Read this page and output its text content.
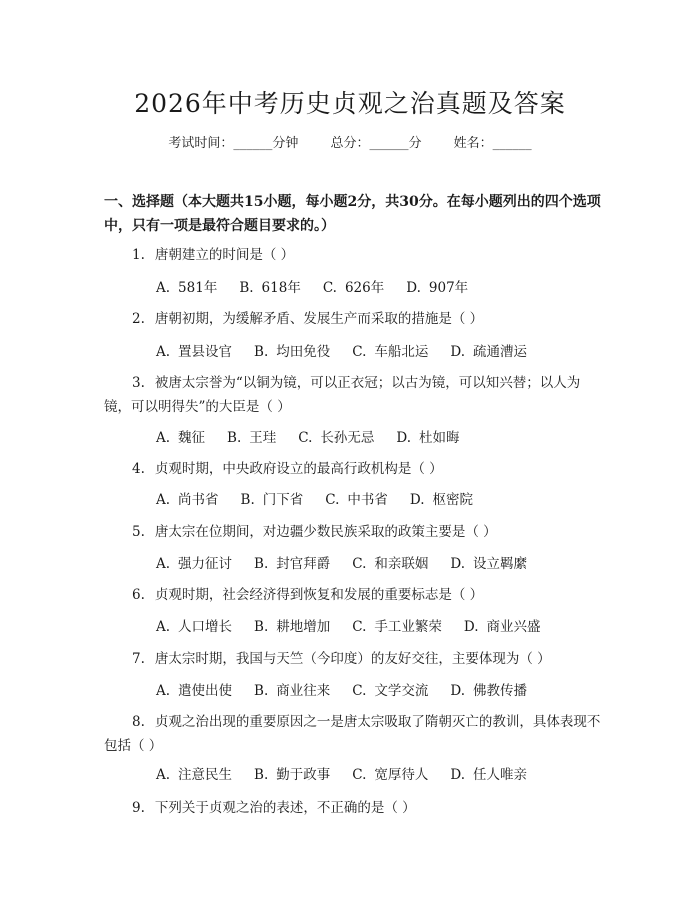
2026年中考历史贞观之治真题及答案
考试时间：______分钟 总分：______分 姓名：______
一、选择题（本大题共15小题，每小题2分，共30分。在每小题列出的四个选项中，只有一项是最符合题目要求的。）
1. 唐朝建立的时间是（ ）
A. 581年 B. 618年 C. 626年 D. 907年
2. 唐朝初期，为缓解矛盾、发展生产而采取的措施是（ ）
A. 置县设官 B. 均田免役 C. 车船北运 D. 疏通漕运
3. 被唐太宗誉为“以铜为镜，可以正衣冠；以古为镜，可以知兴替；以人为镜，可以明得失”的大臣是（ ）
A. 魏征 B. 王珪 C. 长孙无忌 D. 杜如晦
4. 贞观时期，中央政府设立的最高行政机构是（ ）
A. 尚书省 B. 门下省 C. 中书省 D. 枢密院
5. 唐太宗在位期间，对边疆少数民族采取的政策主要是（ ）
A. 强力征讨 B. 封官拜爵 C. 和亲联姻 D. 设立羁縻
6. 贞观时期，社会经济得到恢复和发展的重要标志是（ ）
A. 人口增长 B. 耕地增加 C. 手工业繁荣 D. 商业兴盛
7. 唐太宗时期，我国与天竺（今印度）的友好交往，主要体现为（ ）
A. 遣使出使 B. 商业往来 C. 文学交流 D. 佛教传播
8. 贞观之治出现的重要原因之一是唐太宗吸取了隋朝灭亡的教训，具体表现不包括（ ）
A. 注意民生 B. 勤于政事 C. 宽厚待人 D. 任人唯亲
9. 下列关于贞观之治的表述，不正确的是（ ）
